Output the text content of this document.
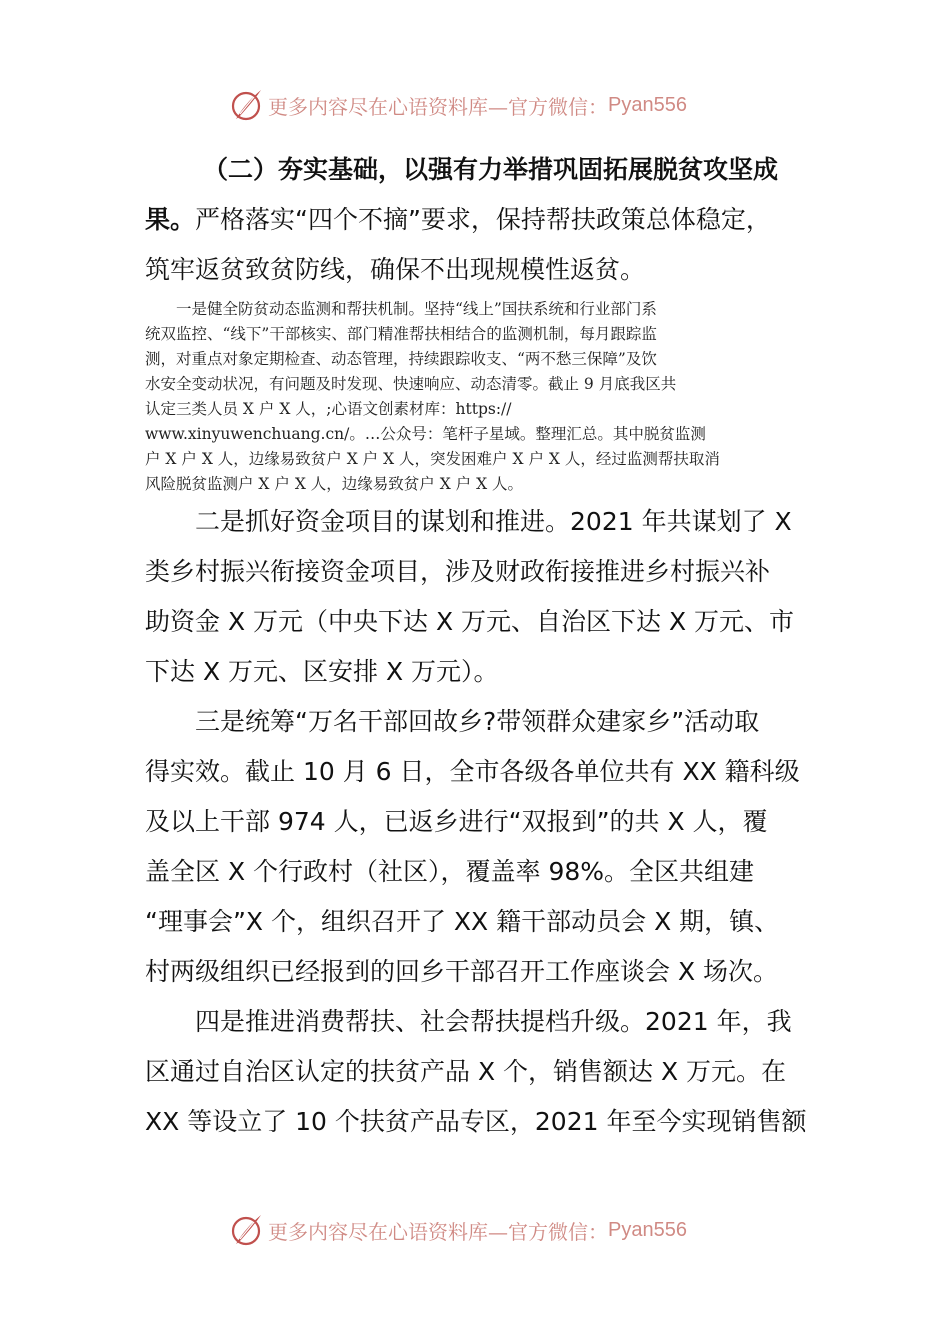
更多内容尽在心语资料库—官方微信： Pyan556
（二）夯实基础，以强有力举措巩固拓展脱贫攻坚成
果。严格落实“四个不摘”要求，保持帮扶政策总体稳定，
筑牢返贫致贫防线，确保不出现规模性返贫。
　　一是健全防贫动态监测和帮扶机制。坚持“线上”国扶系统和行业部门系
统双监控、“线下”干部核实、部门精准帮扶相结合的监测机制，每月跟踪监
测，对重点对象定期检查、动态管理，持续跟踪收支、“两不愁三保障”及饮
水安全变动状况，有问题及时发现、快速响应、动态清零。截止 9 月底我区共
认定三类人员 X 户 X 人，;心语文创素材库：https://
www.xinyuwenchuang.cn/。…公众号：笔杆子星域。整理汇总。其中脱贫监测
户 X 户 X 人，边缘易致贫户 X 户 X 人，突发困难户 X 户 X 人，经过监测帮扶取消
风险脱贫监测户 X 户 X 人，边缘易致贫户 X 户 X 人。
　　二是抓好资金项目的谋划和推进。2021 年共谋划了 X
类乡村振兴衔接资金项目，涉及财政衔接推进乡村振兴补
助资金 X 万元（中央下达 X 万元、自治区下达 X 万元、市
下达 X 万元、区安排 X 万元）。
　　三是统筹“万名干部回故乡?带领群众建家乡”活动取
得实效。截止 10 月 6 日，全市各级各单位共有 XX 籍科级
及以上干部 974 人，已返乡进行“双报到”的共 X 人，覆
盖全区 X 个行政村（社区），覆盖率 98%。全区共组建
“理事会”X 个，组织召开了 XX 籍干部动员会 X 期，镇、
村两级组织已经报到的回乡干部召开工作座谈会 X 场次。
　　四是推进消费帮扶、社会帮扶提档升级。2021 年，我
区通过自治区认定的扶贫产品 X 个，销售额达 X 万元。在
XX 等设立了 10 个扶贫产品专区，2021 年至今实现销售额
更多内容尽在心语资料库—官方微信： Pyan556
